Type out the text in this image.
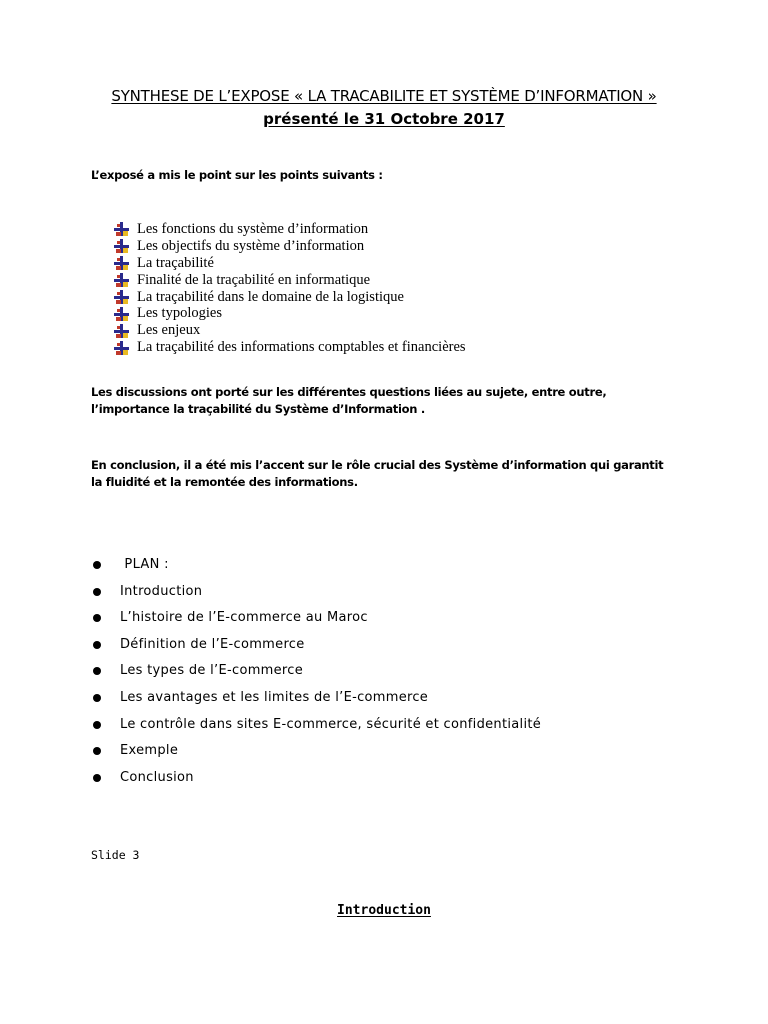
SYNTHESE DE L’EXPOSE « LA TRACABILITE ET SYSTÈME D’INFORMATION »
présenté le 31 Octobre 2017
L’exposé a mis le point sur les points suivants :
Les fonctions du système d’information
Les objectifs du système d’information
La traçabilité
Finalité de la traçabilité en informatique
La traçabilité dans le domaine de la logistique
Les typologies
Les enjeux
La traçabilité des informations comptables et financières
Les discussions ont porté sur les différentes questions liées au sujete, entre outre, l’importance la traçabilité du Système d’Information .
En conclusion, il a été mis l’accent sur le rôle crucial des Système d’information qui garantit la fluidité et la remontée des informations.
PLAN :
Introduction
L’histoire de l’E-commerce au Maroc
Définition de l’E-commerce
Les types de l’E-commerce
Les avantages et les limites de l’E-commerce
Le contrôle dans sites E-commerce, sécurité et confidentialité
Exemple
Conclusion
Slide 3
Introduction
